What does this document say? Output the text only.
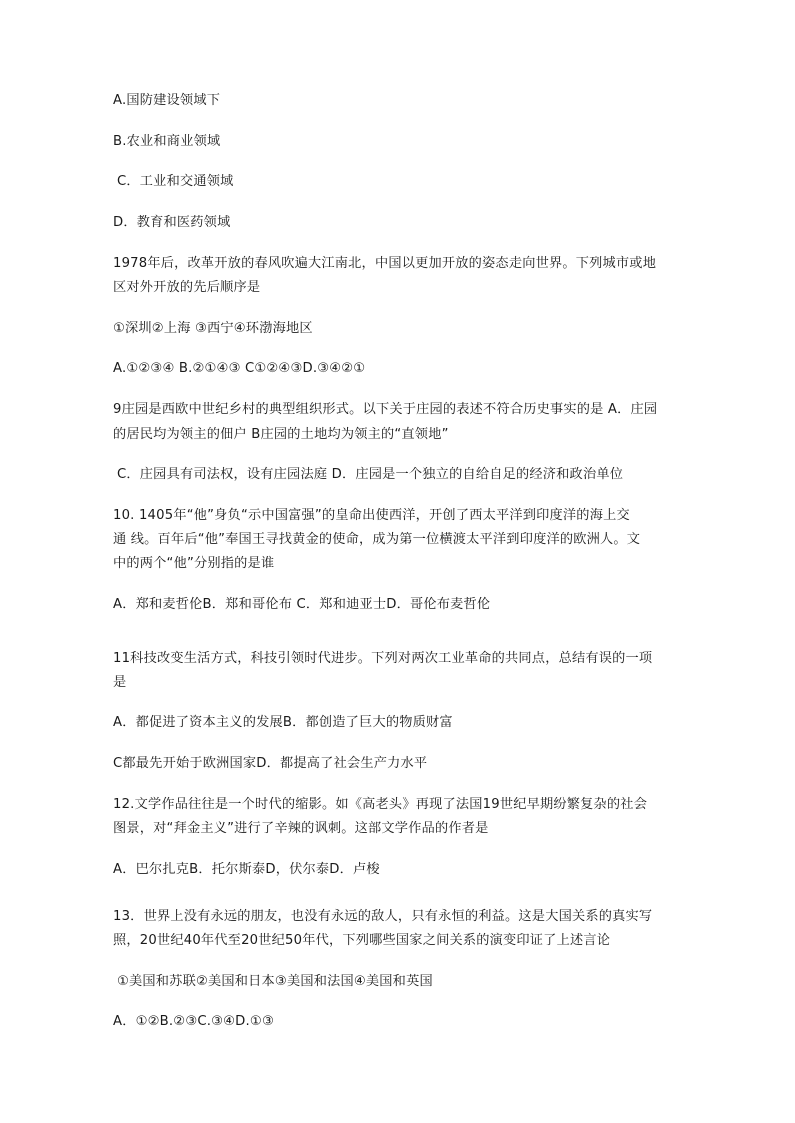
A.国防建设领域下
B.农业和商业领域
C．工业和交通领域
D．教育和医药领域
1978年后，改革开放的春风吹遍大江南北，中国以更加开放的姿态走向世界。下列城市或地
区对外开放的先后顺序是
①深圳②上海 ③西宁④环渤海地区
A.①②③④ B.②①④③ C①②④③D.③④②①
9庄园是西欧中世纪乡村的典型组织形式。以下关于庄园的表述不符合历史事实的是 A．庄园
的居民均为领主的佃户 B庄园的土地均为领主的“直领地”
C．庄园具有司法权，设有庄园法庭 D．庄园是一个独立的自给自足的经济和政治单位
10. 1405年“他”身负“示中国富强”的皇命出使西洋，开创了西太平洋到印度洋的海上交
通 线。百年后“他”奉国王寻找黄金的使命，成为第一位横渡太平洋到印度洋的欧洲人。文
中的两个“他”分别指的是谁
A．郑和麦哲伦B．郑和哥伦布 C．郑和迪亚士D．哥伦布麦哲伦
11科技改变生活方式，科技引领时代进步。下列对两次工业革命的共同点，总结有误的一项
是
A．都促进了资本主义的发展B．都创造了巨大的物质财富
C都最先开始于欧洲国家D．都提高了社会生产力水平
12.文学作品往往是一个时代的缩影。如《高老头》再现了法国19世纪早期纷繁复杂的社会
图景，对“拜金主义”进行了辛辣的讽刺。这部文学作品的作者是
A．巴尔扎克B．托尔斯泰D，伏尔泰D．卢梭
13．世界上没有永远的朋友，也没有永远的敌人，只有永恒的利益。这是大国关系的真实写
照，20世纪40年代至20世纪50年代，下列哪些国家之间关系的演变印证了上述言论
①美国和苏联②美国和日本③美国和法国④美国和英国
A．①②B.②③C.③④D.①③
